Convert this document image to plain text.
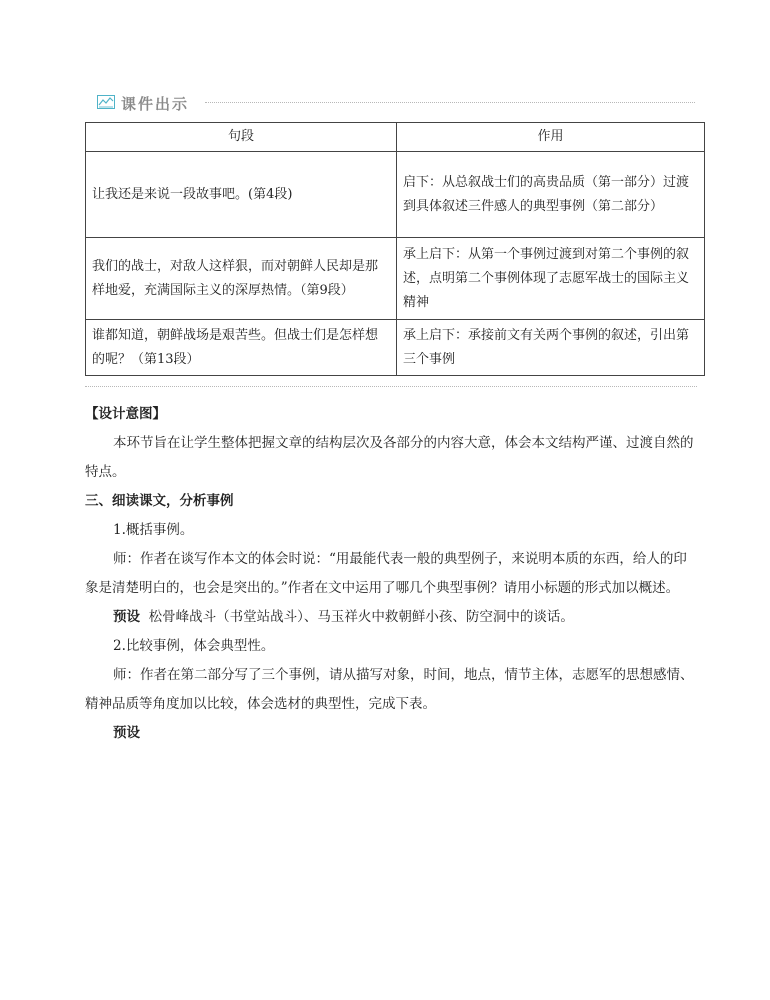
课件出示
句段	作用
让我还是来说一段故事吧。(第4段)	启下：从总叙战士们的高贵品质（第一部分）过渡到具体叙述三件感人的典型事例（第二部分）
我们的战士，对敌人这样狠，而对朝鲜人民却是那样地爱，充满国际主义的深厚热情。（第9段）	承上启下：从第一个事例过渡到对第二个事例的叙述，点明第二个事例体现了志愿军战士的国际主义精神
谁都知道，朝鲜战场是艰苦些。但战士们是怎样想的呢？（第13段）	承上启下：承接前文有关两个事例的叙述，引出第三个事例

【设计意图】

本环节旨在让学生整体把握文章的结构层次及各部分的内容大意，体会本文结构严谨、过渡自然的特点。

三、细读课文，分析事例

1.概括事例。

师：作者在谈写作本文的体会时说：“用最能代表一般的典型例子，来说明本质的东西，给人的印象是清楚明白的，也会是突出的。”作者在文中运用了哪几个典型事例？请用小标题的形式加以概述。

预设 松骨峰战斗（书堂站战斗）、马玉祥火中救朝鲜小孩、防空洞中的谈话。

2.比较事例，体会典型性。

师：作者在第二部分写了三个事例，请从描写对象，时间，地点，情节主体，志愿军的思想感情、精神品质等角度加以比较，体会选材的典型性，完成下表。

预设
